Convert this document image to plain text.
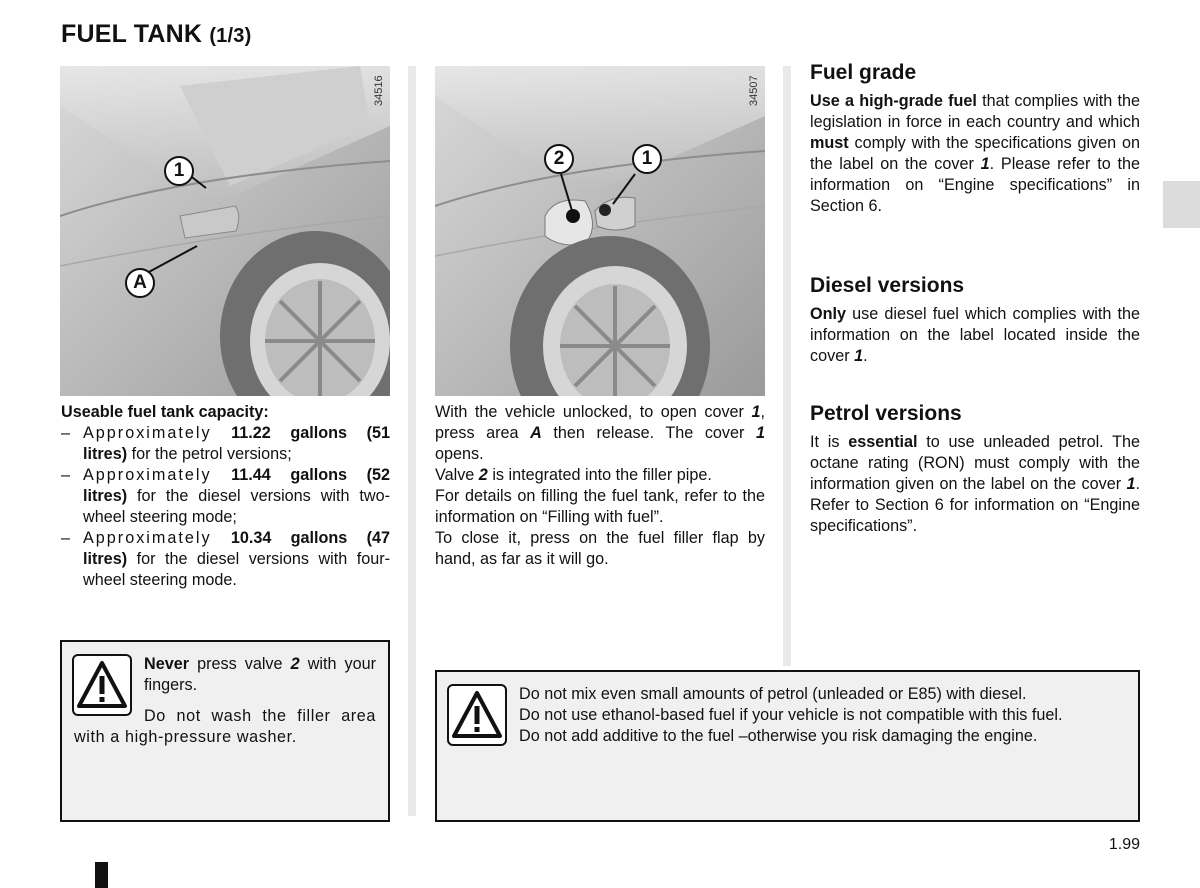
FUEL TANK (1/3)
34516
1
A
34507
2	1

Useable fuel tank capacity:

– Approximately 11.22 gallons (51 litres) for the petrol versions;
– Approximately 11.44 gallons (52 litres) for the diesel versions with two-wheel steering mode;
– Approximately 10.34 gallons (47 litres) for the diesel versions with four-wheel steering mode.

With the vehicle unlocked, to open cover 1, press area A then release. The cover 1 opens.

Valve 2 is integrated into the filler pipe.

For details on filling the fuel tank, refer to the information on “Filling with fuel”.

To close it, press on the fuel filler flap by hand, as far as it will go.

Fuel grade

Use a high-grade fuel that complies with the legislation in force in each country and which must comply with the specifications given on the label on the cover 1. Please refer to the information on “Engine specifications” in Section 6.

Diesel versions

Only use diesel fuel which complies with the information on the label located inside the cover 1.

Petrol versions

It is essential to use unleaded petrol. The octane rating (RON) must comply with the information given on the label on the cover 1. Refer to Section 6 for information on “Engine specifications”.

Never press valve 2 with your fingers.

Do not wash the filler area with a high-pressure washer.

Do not mix even small amounts of petrol (unleaded or E85) with diesel.

Do not use ethanol-based fuel if your vehicle is not compatible with this fuel.

Do not add additive to the fuel –otherwise you risk damaging the engine.

1.99
